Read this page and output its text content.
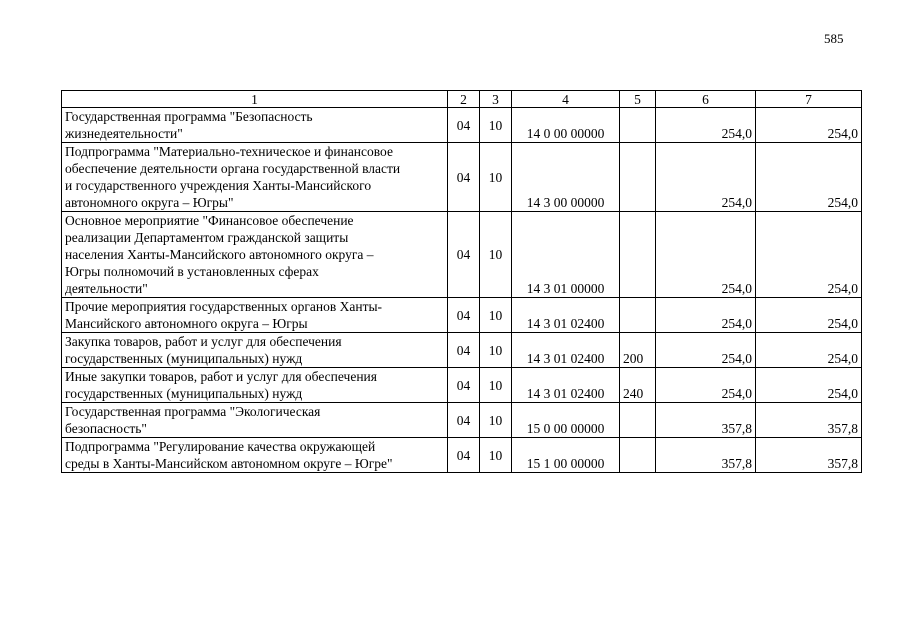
585
1	2	3	4	5	6	7

Государственная программа "Безопасность
жизнедеятельности"	04	10	14 0 00 00000		254,0	254,0

Подпрограмма "Материально-техническое и финансовое
обеспечение деятельности органа государственной власти
и государственного учреждения Ханты-Мансийского
автономного округа – Югры"	04	10	14 3 00 00000		254,0	254,0

Основное мероприятие "Финансовое обеспечение
реализации Департаментом гражданской защиты
населения Ханты-Мансийского автономного округа –
Югры полномочий в установленных сферах
деятельности"	04	10	14 3 01 00000		254,0	254,0

Прочие мероприятия государственных органов Ханты-
Мансийского автономного округа – Югры	04	10	14 3 01 02400		254,0	254,0

Закупка товаров, работ и услуг для обеспечения
государственных (муниципальных) нужд	04	10	14 3 01 02400	200	254,0	254,0

Иные закупки товаров, работ и услуг для обеспечения
государственных (муниципальных) нужд	04	10	14 3 01 02400	240	254,0	254,0

Государственная программа "Экологическая
безопасность"	04	10	15 0 00 00000		357,8	357,8

Подпрограмма "Регулирование качества окружающей
среды в Ханты-Мансийском автономном округе – Югре"	04	10	15 1 00 00000		357,8	357,8
